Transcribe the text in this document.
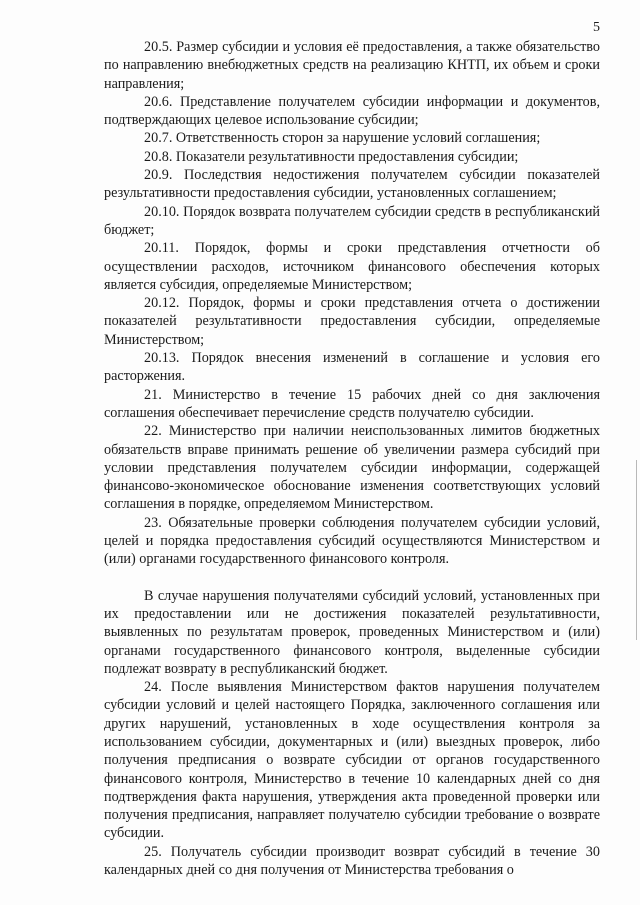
5

20.5. Размер субсидии и условия её предоставления, а также обязательство по направлению внебюджетных средств на реализацию КНТП, их объем и сроки направления;

20.6. Представление получателем субсидии информации и документов, подтверждающих целевое использование субсидии;

20.7. Ответственность сторон за нарушение условий соглашения;

20.8. Показатели результативности предоставления субсидии;

20.9. Последствия недостижения получателем субсидии показателей результативности предоставления субсидии, установленных соглашением;

20.10. Порядок возврата получателем субсидии средств в республиканский бюджет;

20.11. Порядок, формы и сроки представления отчетности об осуществлении расходов, источником финансового обеспечения которых является субсидия, определяемые Министерством;

20.12. Порядок, формы и сроки представления отчета о достижении показателей результативности предоставления субсидии, определяемые Министерством;

20.13. Порядок внесения изменений в соглашение и условия его расторжения.

21. Министерство в течение 15 рабочих дней со дня заключения соглашения обеспечивает перечисление средств получателю субсидии.

22. Министерство при наличии неиспользованных лимитов бюджетных обязательств вправе принимать решение об увеличении размера субсидий при условии представления получателем субсидии информации, содержащей финансово-экономическое обоснование изменения соответствующих условий соглашения в порядке, определяемом Министерством.

23. Обязательные проверки соблюдения получателем субсидии условий, целей и порядка предоставления субсидий осуществляются Министерством и (или) органами государственного финансового контроля.

В случае нарушения получателями субсидий условий, установленных при их предоставлении или не достижения показателей результативности, выявленных по результатам проверок, проведенных Министерством и (или) органами государственного финансового контроля, выделенные субсидии подлежат возврату в республиканский бюджет.

24. После выявления Министерством фактов нарушения получателем субсидии условий и целей настоящего Порядка, заключенного соглашения или других нарушений, установленных в ходе осуществления контроля за использованием субсидии, документарных и (или) выездных проверок, либо получения предписания о возврате субсидии от органов государственного финансового контроля, Министерство в течение 10 календарных дней со дня подтверждения факта нарушения, утверждения акта проведенной проверки или получения предписания, направляет получателю субсидии требование о возврате субсидии.

25. Получатель субсидии производит возврат субсидий в течение 30 календарных дней со дня получения от Министерства требования о
